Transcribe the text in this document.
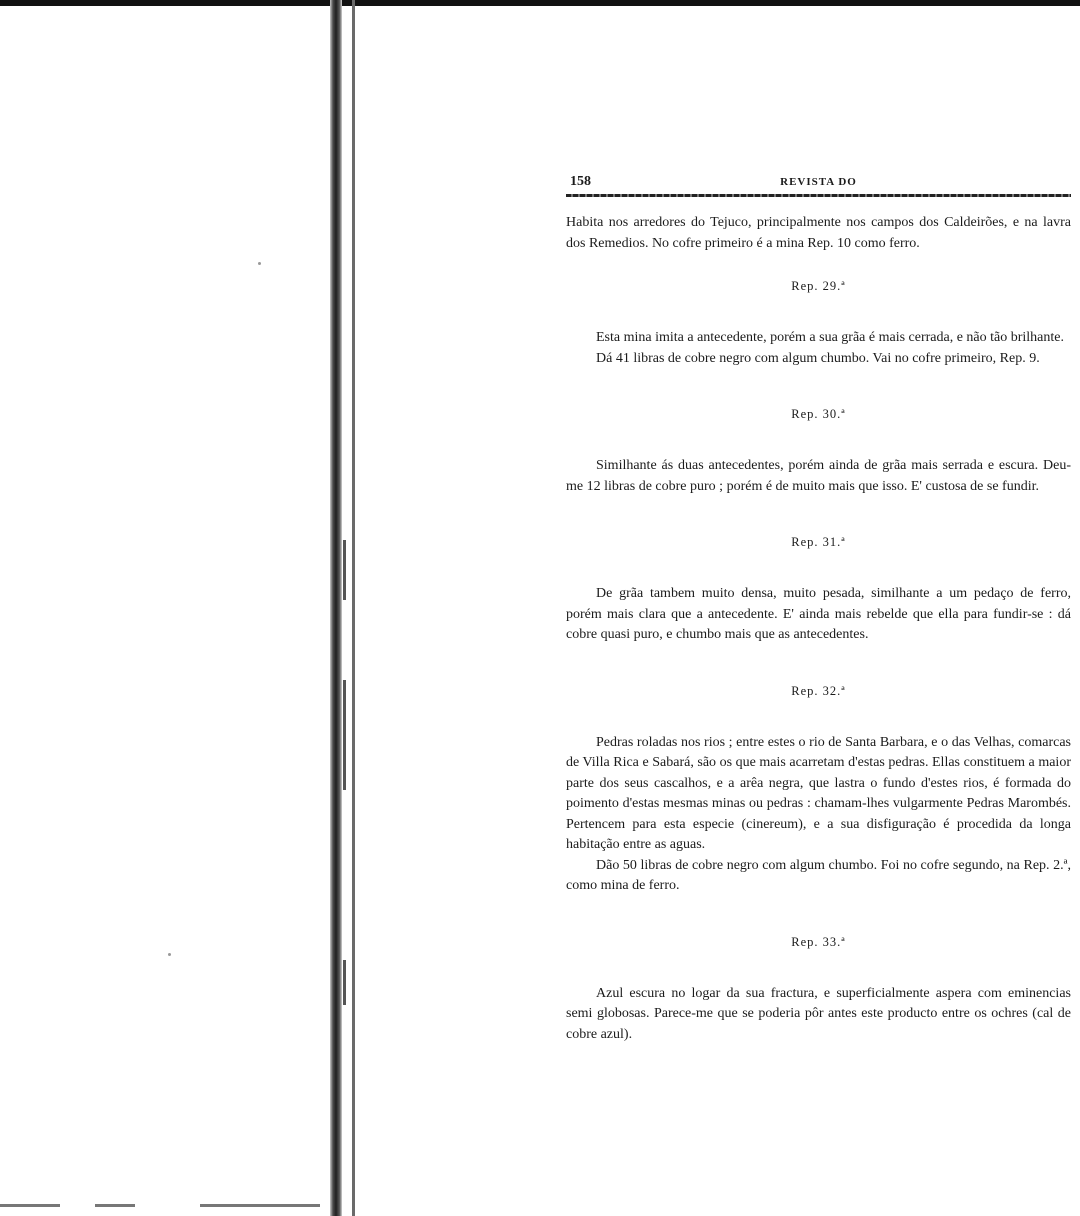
158	REVISTA DO

Habita nos arredores do Tejuco, principalmente nos campos dos Caldeirões, e na lavra dos Remedios. No cofre primeiro é a mina Rep. 10 como ferro.

Rep. 29.ª

Esta mina imita a antecedente, porém a sua grãa é mais cerrada, e não tão brilhante.

Dá 41 libras de cobre negro com algum chumbo. Vai no cofre primeiro, Rep. 9.

Rep. 30.ª

Similhante ás duas antecedentes, porém ainda de grãa mais serrada e escura. Deu-me 12 libras de cobre puro ; porém é de muito mais que isso. E' custosa de se fundir.

Rep. 31.ª

De grãa tambem muito densa, muito pesada, similhante a um pedaço de ferro, porém mais clara que a antecedente. E' ainda mais rebelde que ella para fundir-se : dá cobre quasi puro, e chumbo mais que as antecedentes.

Rep. 32.ª

Pedras roladas nos rios ; entre estes o rio de Santa Barbara, e o das Velhas, comarcas de Villa Rica e Sabará, são os que mais acarretam d'estas pedras. Ellas constituem a maior parte dos seus cascalhos, e a arêa negra, que lastra o fundo d'estes rios, é formada do poimento d'estas mesmas minas ou pedras : chamam-lhes vulgarmente Pedras Marombés. Pertencem para esta especie (cinereum), e a sua disfiguração é procedida da longa habitação entre as aguas.

Dão 50 libras de cobre negro com algum chumbo. Foi no cofre segundo, na Rep. 2.ª, como mina de ferro.

Rep. 33.ª

Azul escura no logar da sua fractura, e superficialmente aspera com eminencias semi globosas. Parece-me que se poderia pôr antes este producto entre os ochres (cal de cobre azul).
